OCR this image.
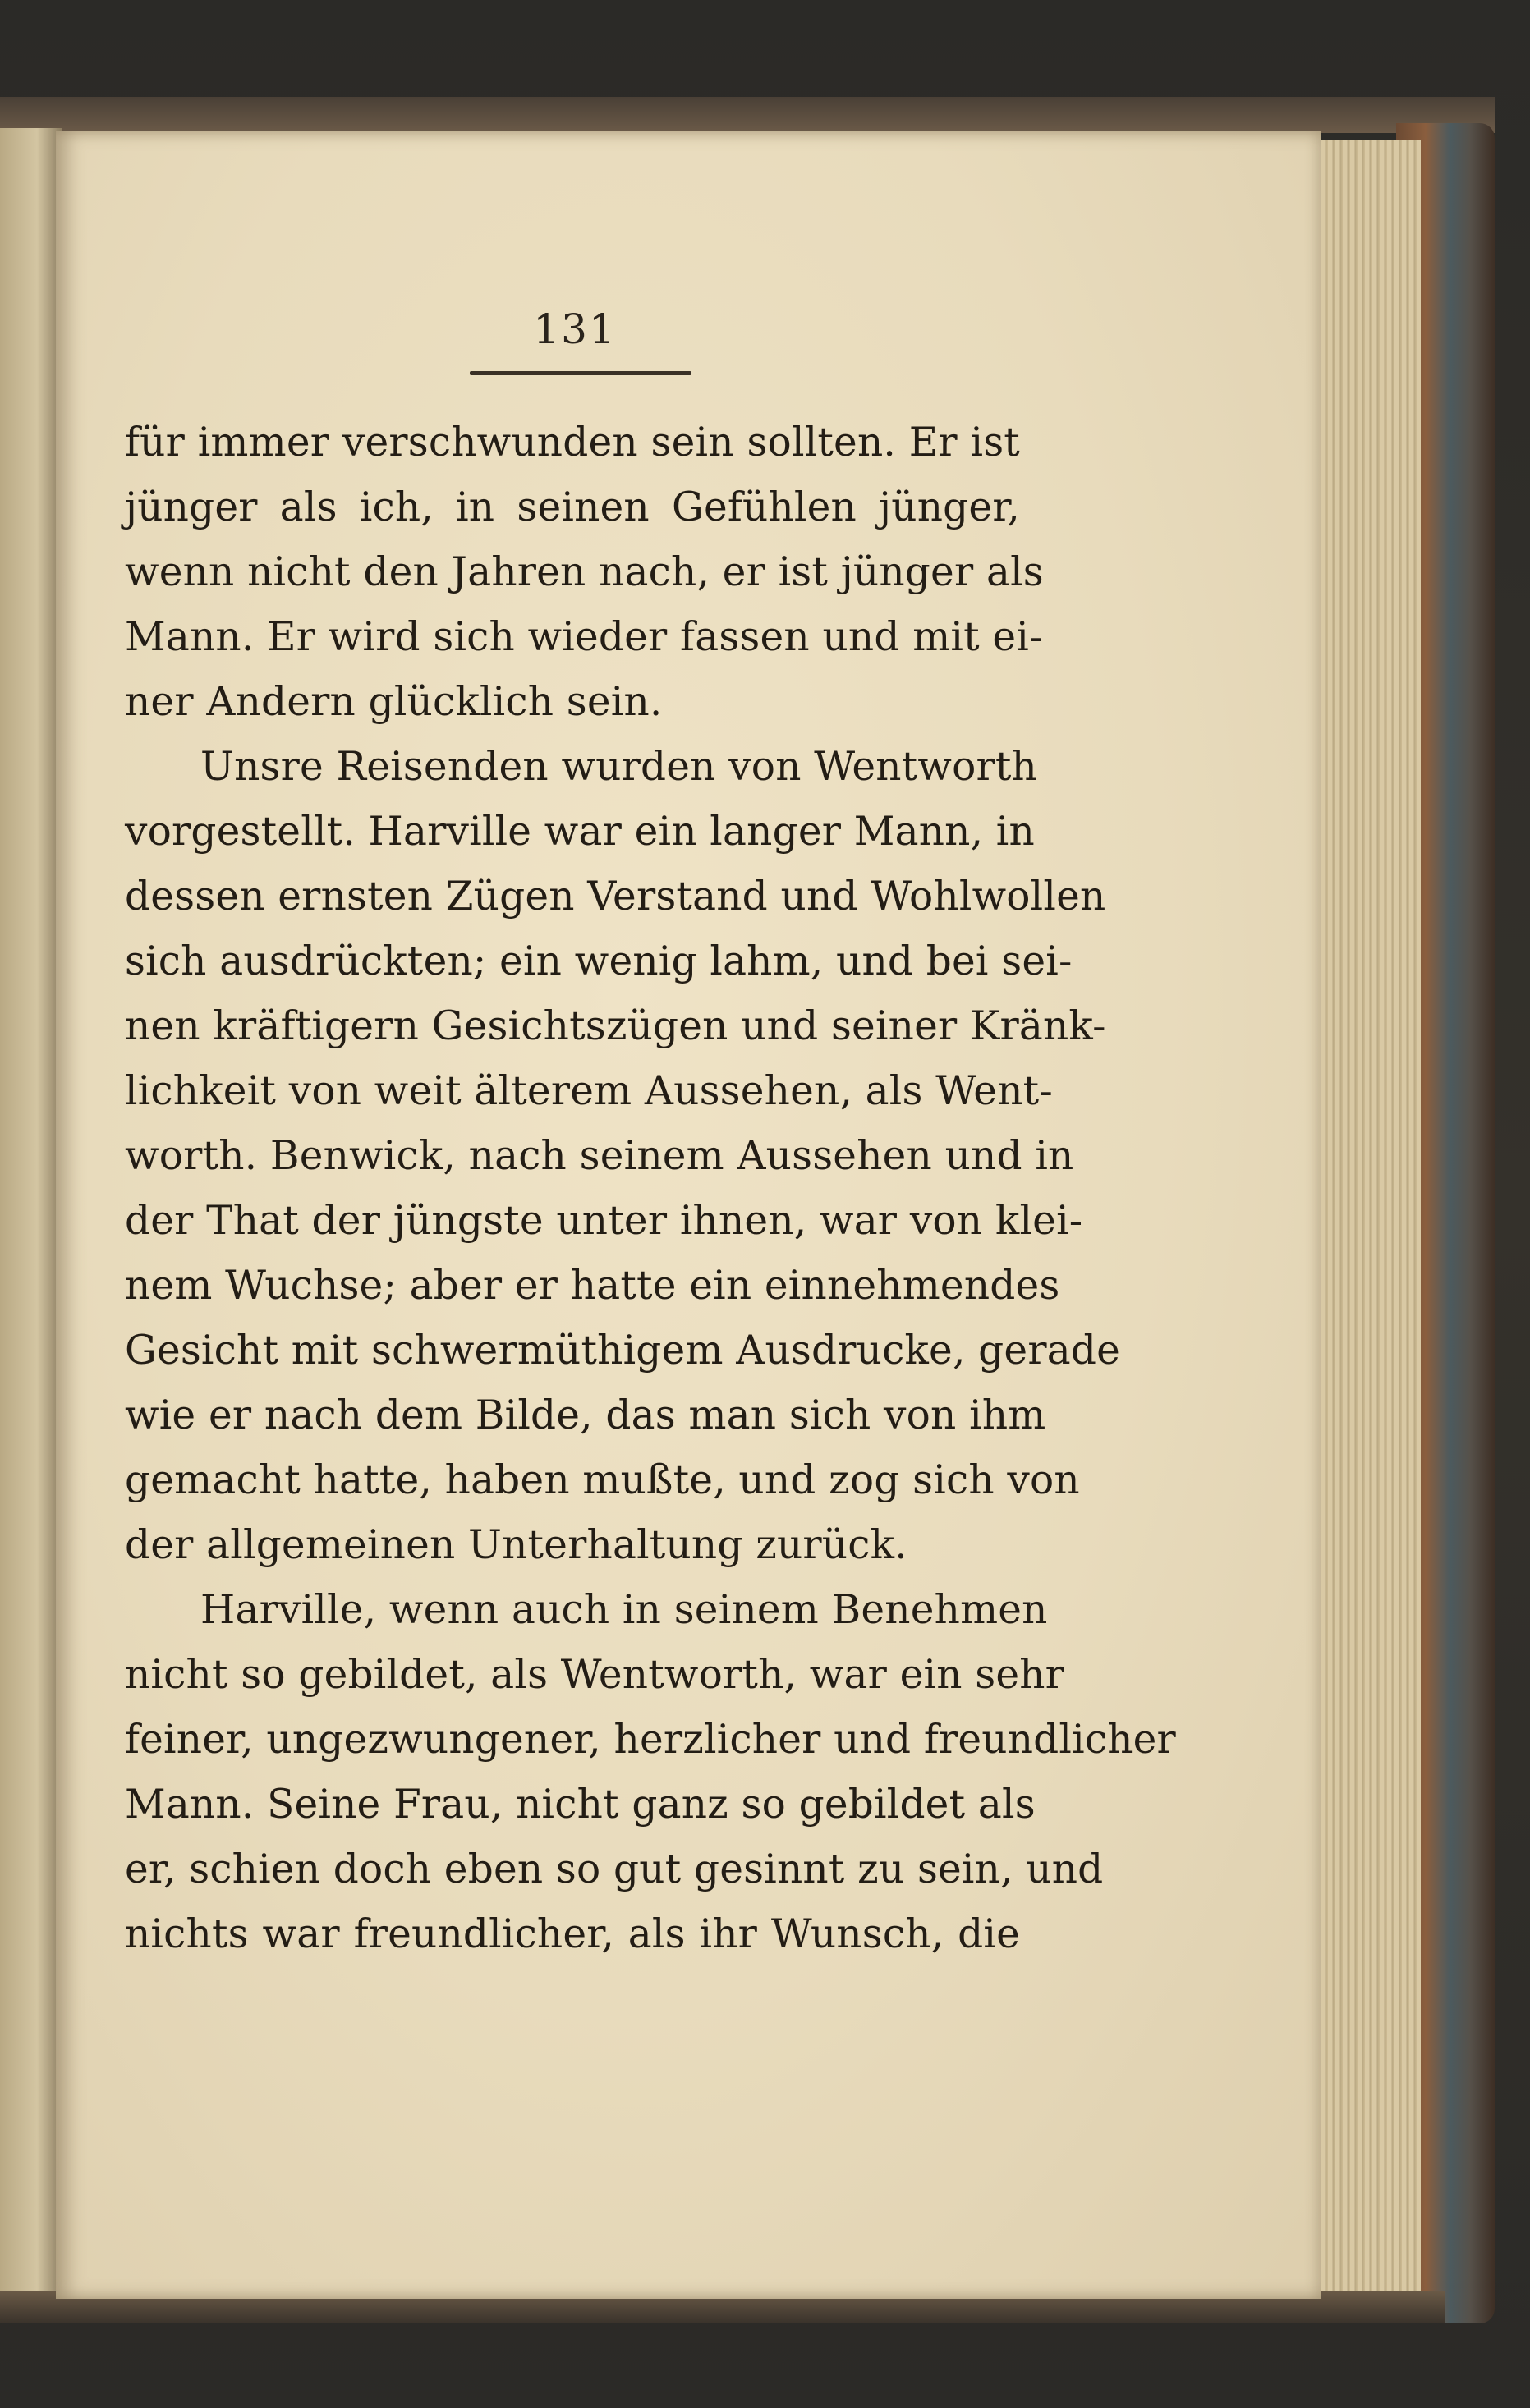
131
für immer verschwunden sein sollten. Er ist
jünger als ich, in seinen Gefühlen jünger,
wenn nicht den Jahren nach, er ist jünger als
Mann. Er wird sich wieder fassen und mit ei-
ner Andern glücklich sein.
Unsre Reisenden wurden von Wentworth
vorgestellt. Harville war ein langer Mann, in
dessen ernsten Zügen Verstand und Wohlwollen
sich ausdrückten; ein wenig lahm, und bei sei-
nen kräftigern Gesichtszügen und seiner Kränk-
lichkeit von weit älterem Aussehen, als Went-
worth. Benwick, nach seinem Aussehen und in
der That der jüngste unter ihnen, war von klei-
nem Wuchse; aber er hatte ein einnehmendes
Gesicht mit schwermüthigem Ausdrucke, gerade
wie er nach dem Bilde, das man sich von ihm
gemacht hatte, haben mußte, und zog sich von
der allgemeinen Unterhaltung zurück.
Harville, wenn auch in seinem Benehmen
nicht so gebildet, als Wentworth, war ein sehr
feiner, ungezwungener, herzlicher und freundlicher
Mann. Seine Frau, nicht ganz so gebildet als
er, schien doch eben so gut gesinnt zu sein, und
nichts war freundlicher, als ihr Wunsch, die
